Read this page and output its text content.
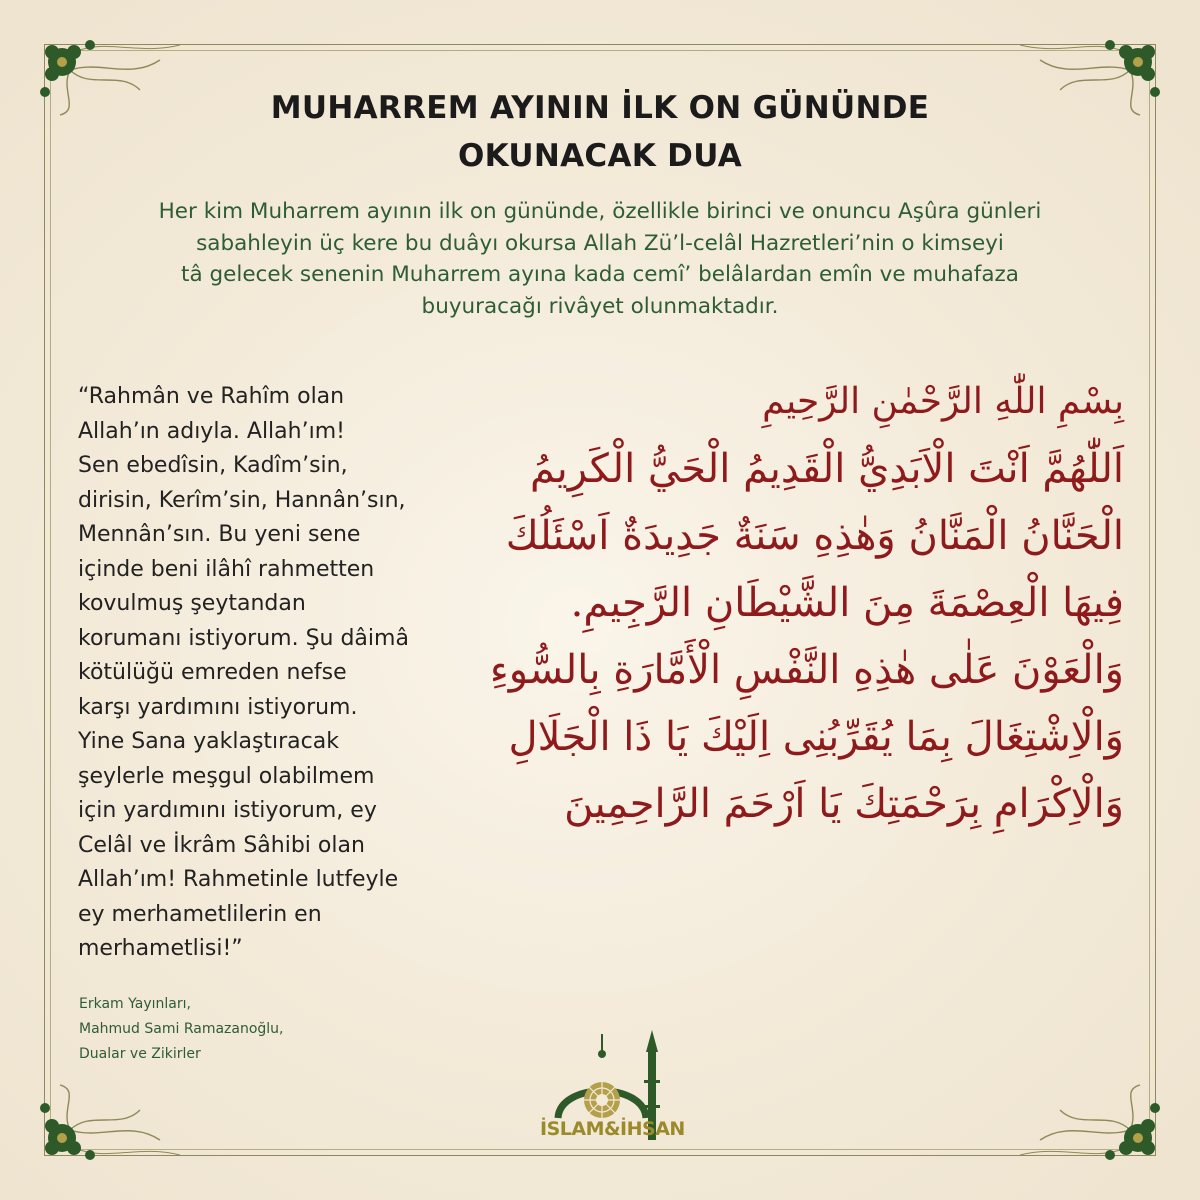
MUHARREM AYININ İLK ON GÜNÜNDE
OKUNACAK DUA
Her kim Muharrem ayının ilk on gününde, özellikle birinci ve onuncu Aşûra günleri
sabahleyin üç kere bu duâyı okursa Allah Zü’l-celâl Hazretleri’nin o kimseyi
tâ gelecek senenin Muharrem ayına kada cemî’ belâlardan emîn ve muhafaza
buyuracağı rivâyet olunmaktadır.
“Rahmân ve Rahîm olan
Allah’ın adıyla. Allah’ım!
Sen ebedîsin, Kadîm’sin,
dirisin, Kerîm’sin, Hannân’sın,
Mennân’sın. Bu yeni sene
içinde beni ilâhî rahmetten
kovulmuş şeytandan
korumanı istiyorum. Şu dâimâ
kötülüğü emreden nefse
karşı yardımını istiyorum.
Yine Sana yaklaştıracak
şeylerle meşgul olabilmem
için yardımını istiyorum, ey
Celâl ve İkrâm Sâhibi olan
Allah’ım! Rahmetinle lutfeyle
ey merhametlilerin en
merhametlisi!”
Erkam Yayınları,
Mahmud Sami Ramazanoğlu,
Dualar ve Zikirler
بِسْمِ اللّٰهِ الرَّحْمٰنِ الرَّحِيمِ
اَللّٰهُمَّ اَنْتَ الْاَبَدِيُّ الْقَدِيمُ الْحَيُّ الْكَرِيمُ
الْحَنَّانُ الْمَنَّانُ وَهٰذِهِ سَنَةٌ جَدِيدَةٌ اَسْئَلُكَ
فِيهَا الْعِصْمَةَ مِنَ الشَّيْطَانِ الرَّجِيمِ.
وَالْعَوْنَ عَلٰى هٰذِهِ النَّفْسِ الْأَمَّارَةِ بِالسُّوءِ
وَالْاِشْتِغَالَ بِمَا يُقَرِّبُنِى اِلَيْكَ يَا ذَا الْجَلَالِ
وَالْاِكْرَامِ بِرَحْمَتِكَ يَا اَرْحَمَ الرَّاحِمِينَ
İSLAM&İHSAN
